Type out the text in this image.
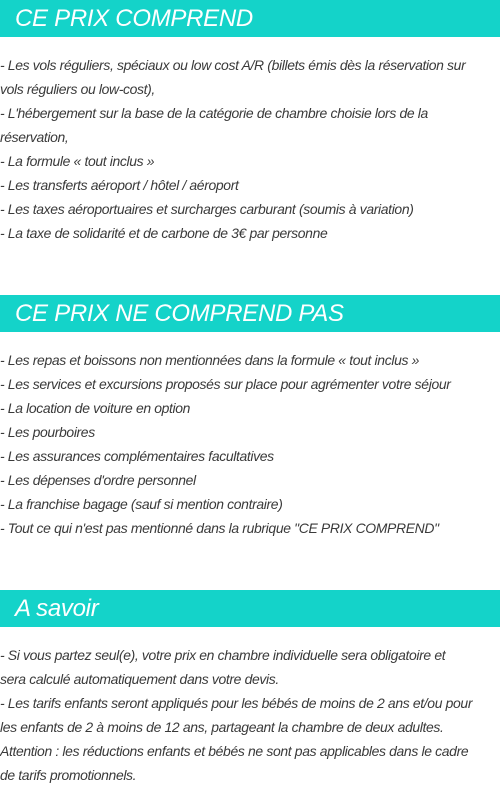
CE PRIX COMPREND
- Les vols réguliers, spéciaux ou low cost A/R (billets émis dès la réservation sur
vols réguliers ou low-cost),
- L'hébergement sur la base de la catégorie de chambre choisie lors de la
réservation,
- La formule « tout inclus »
- Les transferts aéroport / hôtel / aéroport
- Les taxes aéroportuaires et surcharges carburant (soumis à variation)
- La taxe de solidarité et de carbone de 3€ par personne
CE PRIX NE COMPREND PAS
- Les repas et boissons non mentionnées dans la formule « tout inclus »
- Les services et excursions proposés sur place pour agrémenter votre séjour
- La location de voiture en option
- Les pourboires
- Les assurances complémentaires facultatives
- Les dépenses d'ordre personnel
- La franchise bagage (sauf si mention contraire)
- Tout ce qui n'est pas mentionné dans la rubrique "CE PRIX COMPREND"
A savoir
- Si vous partez seul(e), votre prix en chambre individuelle sera obligatoire et
sera calculé automatiquement dans votre devis.
- Les tarifs enfants seront appliqués pour les bébés de moins de 2 ans et/ou pour
les enfants de 2 à moins de 12 ans, partageant la chambre de deux adultes.
Attention : les réductions enfants et bébés ne sont pas applicables dans le cadre
de tarifs promotionnels.
